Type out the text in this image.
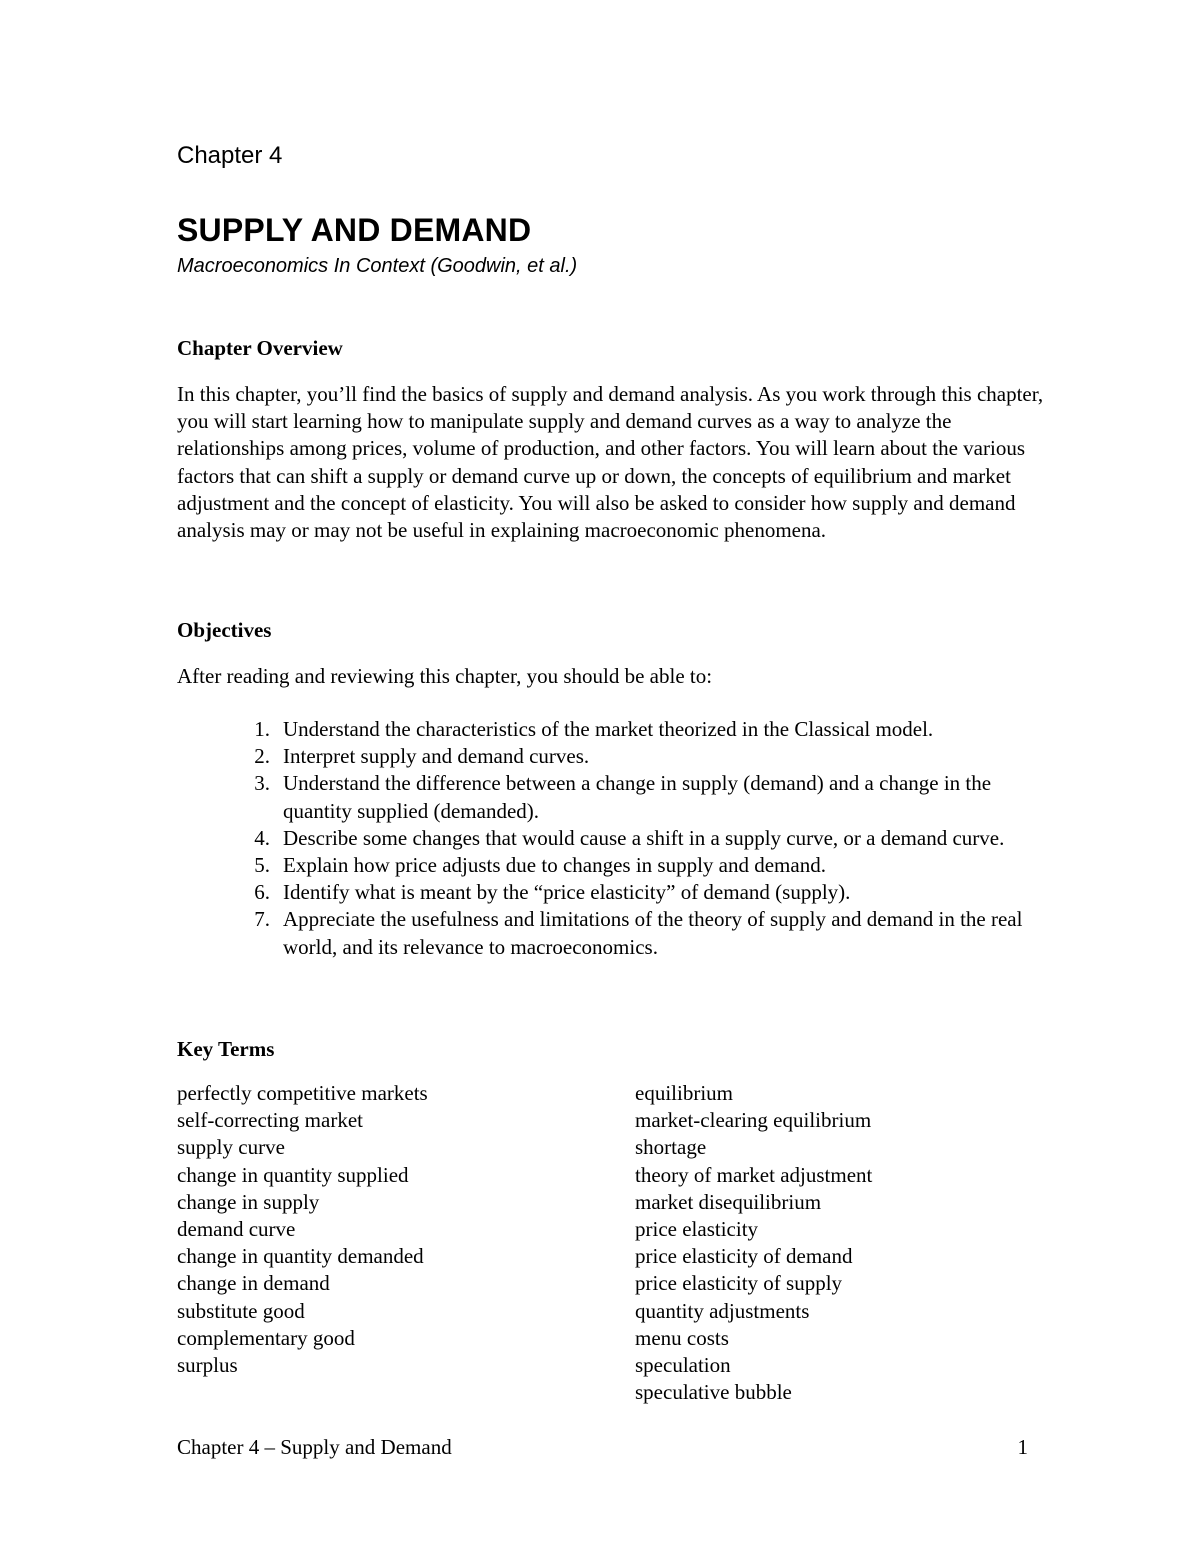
Chapter 4
SUPPLY AND DEMAND

Macroeconomics In Context (Goodwin, et al.)

Chapter Overview

In this chapter, you’ll find the basics of supply and demand analysis. As you work through this chapter, you will start learning how to manipulate supply and demand curves as a way to analyze the relationships among prices, volume of production, and other factors. You will learn about the various factors that can shift a supply or demand curve up or down, the concepts of equilibrium and market adjustment and the concept of elasticity. You will also be asked to consider how supply and demand analysis may or may not be useful in explaining macroeconomic phenomena.

Objectives

After reading and reviewing this chapter, you should be able to:

1. Understand the characteristics of the market theorized in the Classical model.
2. Interpret supply and demand curves.
3. Understand the difference between a change in supply (demand) and a change in the quantity supplied (demanded).
4. Describe some changes that would cause a shift in a supply curve, or a demand curve.
5. Explain how price adjusts due to changes in supply and demand.
6. Identify what is meant by the “price elasticity” of demand (supply).
7. Appreciate the usefulness and limitations of the theory of supply and demand in the real world, and its relevance to macroeconomics.
Key Terms
perfectly competitive markets
self-correcting market
supply curve
change in quantity supplied
change in supply
demand curve
change in quantity demanded
change in demand
substitute good
complementary good
surplus
equilibrium
market-clearing equilibrium
shortage
theory of market adjustment
market disequilibrium
price elasticity
price elasticity of demand
price elasticity of supply
quantity adjustments
menu costs
speculation
speculative bubble

Chapter 4 – Supply and Demand	1
